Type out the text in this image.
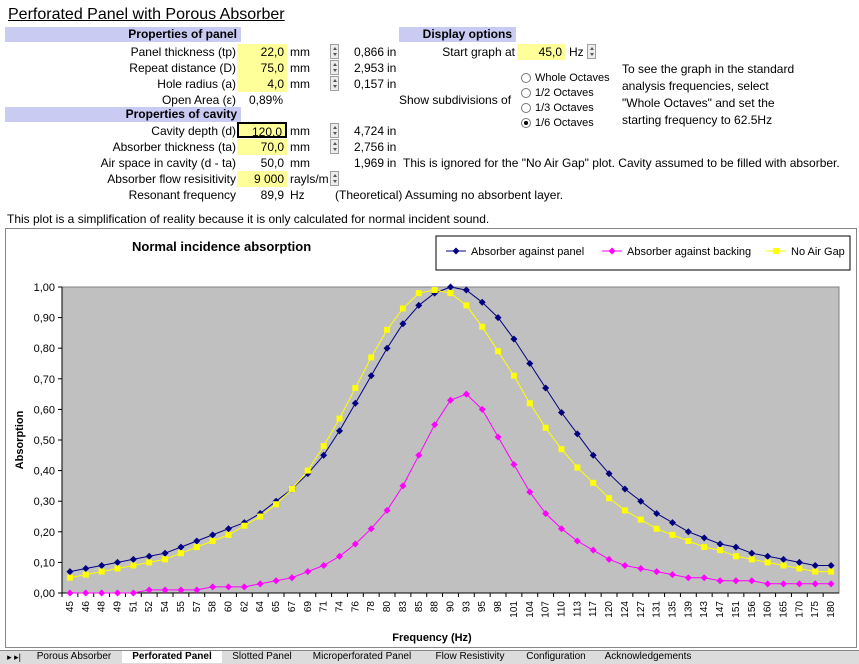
Perforated Panel with Porous Absorber
Properties of panel
Panel thickness (tp)	22,0 mm	0,866 in
Repeat distance (D)	75,0 mm	2,953 in
Hole radius (a)	4,0 mm	0,157 in
Open Area (ε)	0,89%
Properties of cavity
Cavity depth (d)	120,0 mm	4,724 in
Absorber thickness (ta)	70,0 mm	2,756 in
Air space in cavity (d - ta)	50,0 mm	1,969 in This is ignored for the "No Air Gap" plot. Cavity assumed to be filled with absorber.
Absorber flow resisitivity	9 000 rayls/m
Resonant frequency	89,9 Hz	(Theoretical) Assuming no absorbent layer.
Display options
Start graph at	45,0 Hz
Show subdivisions of
Whole Octaves
1/2 Octaves
1/3 Octaves
1/6 Octaves
To see the graph in the standard
analysis frequencies, select
"Whole Octaves" and set the
starting frequency to 62.5Hz
This plot is a simplification of reality because it is only calculated for normal incident sound.
Normal incidence absorption
Frequency (Hz)
Absorption
Absorber against panel	Absorber against backing	No Air Gap
0,00
0,10
0,20
0,30
0,40
0,50
0,60
0,70
0,80
0,90
1,00
45 46 48 49 51 52 54 55 57 58 60 62 64 65 67 69 71 74 76 78 80 83 85 88 90 93 95 98 101 104 107 110 113 117 120 124 127 131 135 139 143 147 151 156 160 165 170 175 180
▸ ▸|	Porous Absorber	Perforated Panel	Slotted Panel	Microperforated Panel	Flow Resistivity	Configuration	Acknowledgements
